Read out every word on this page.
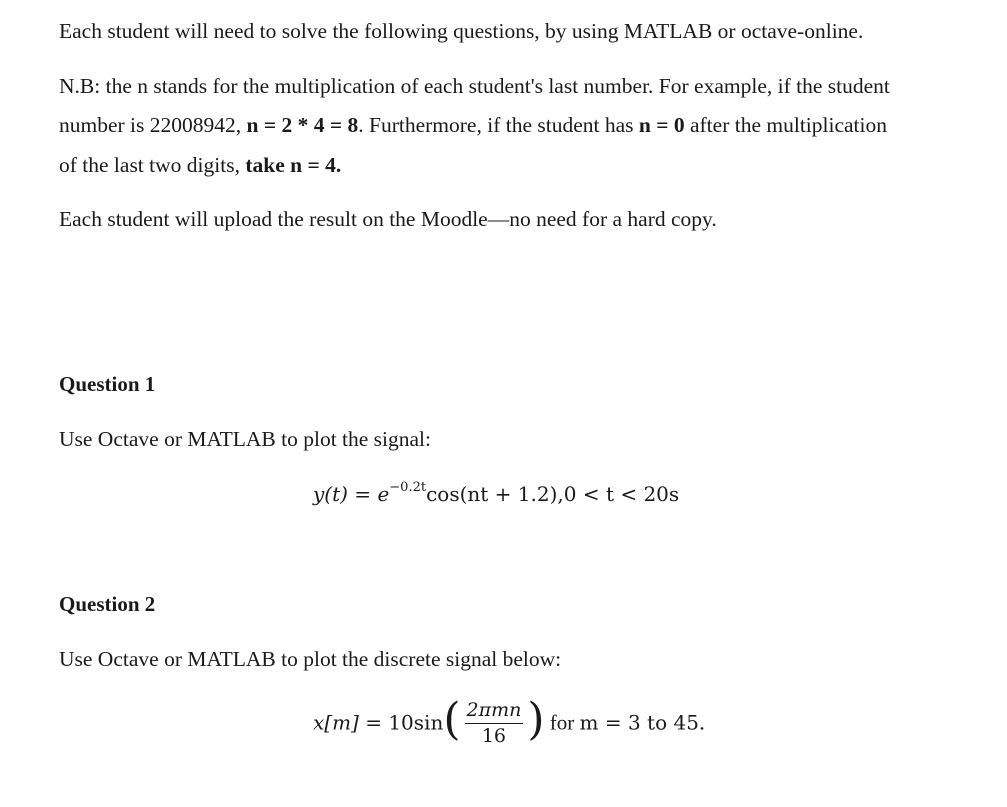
Each student will need to solve the following questions, by using MATLAB or octave-online.
N.B: the n stands for the multiplication of each student's last number. For example, if the student
number is 22008942, n = 2 * 4 = 8. Furthermore, if the student has n = 0 after the multiplication
of the last two digits, take n = 4.
Each student will upload the result on the Moodle—no need for a hard copy.
Question 1
Use Octave or MATLAB to plot the signal:
$y(t) = e^{-0.2t}\cos(nt + 1.2),0 < t < 20s$
Question 2
Use Octave or MATLAB to plot the discrete signal below:
$x[m] = 10\sin( \frac{\text{2πmn}}{16}$ ) for m = 3 to 45.
